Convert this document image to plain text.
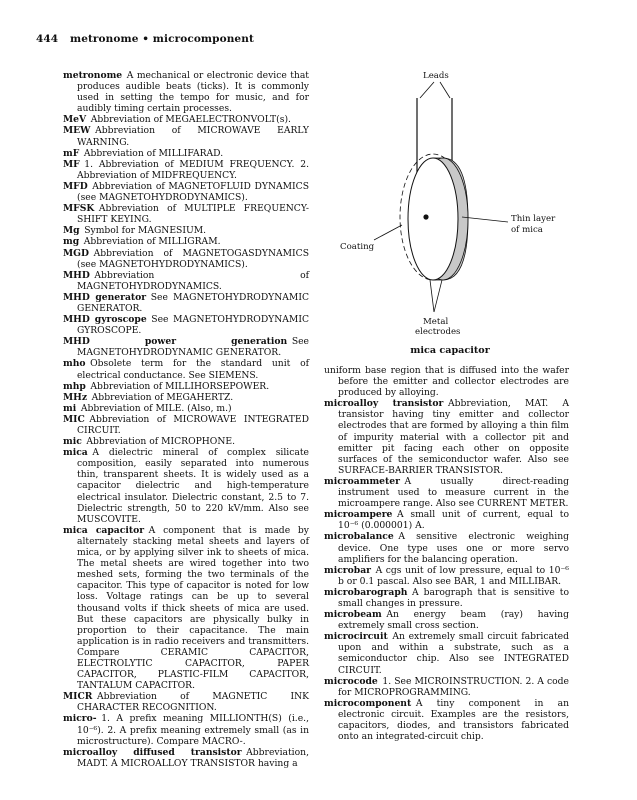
444 metronome • microcomponent
metronome  A mechanical or electronic device that produces audible beats (ticks). It is commonly used in setting the tempo for music, and for audibly timing certain processes.
MeV  Abbreviation of MEGAELECTRONVOLT(s).
MEW  Abbreviation of MICROWAVE EARLY WARNING.
mF  Abbreviation of MILLIFARAD.
MF  1. Abbreviation of MEDIUM FREQUENCY. 2. Abbreviation of MIDFREQUENCY.
MFD  Abbreviation of MAGNETOFLUID DYNAMICS (see MAGNETOHYDRODYNAMICS).
MFSK  Abbreviation of MULTIPLE FREQUENCY-SHIFT KEYING.
Mg  Symbol for MAGNESIUM.
mg  Abbreviation of MILLIGRAM.
MGD  Abbreviation of MAGNETOGASDYNAMICS (see MAGNETOHYDRODYNAMICS).
MHD  Abbreviation of MAGNETOHYDRODYNAMICS.
MHD generator  See MAGNETOHYDRODYNAMIC GENERATOR.
MHD gyroscope  See MAGNETOHYDRODYNAMIC GYROSCOPE.
MHD power generation  See MAGNETOHYDRODYNAMIC GENERATOR.
mho  Obsolete term for the standard unit of electrical conductance. See SIEMENS.
mhp  Abbreviation of MILLIHORSEPOWER.
MHz  Abbreviation of MEGAHERTZ.
mi  Abbreviation of MILE. (Also, m.)
MIC  Abbreviation of MICROWAVE INTEGRATED CIRCUIT.
mic  Abbreviation of MICROPHONE.
mica  A dielectric mineral of complex silicate composition, easily separated into numerous thin, transparent sheets. It is widely used as a capacitor dielectric and high-temperature electrical insulator. Dielectric constant, 2.5 to 7. Dielectric strength, 50 to 220 kV/mm. Also see MUSCOVITE.
mica capacitor  A component that is made by alternately stacking metal sheets and layers of mica, or by applying silver ink to sheets of mica. The metal sheets are wired together into two meshed sets, forming the two terminals of the capacitor. This type of capacitor is noted for low loss. Voltage ratings can be up to several thousand volts if thick sheets of mica are used. But these capacitors are physically bulky in proportion to their capacitance. The main application is in radio receivers and transmitters. Compare CERAMIC CAPACITOR, ELECTROLYTIC CAPACITOR, PAPER CAPACITOR, PLASTIC-FILM CAPACITOR, TANTALUM CAPACITOR.
MICR  Abbreviation of MAGNETIC INK CHARACTER RECOGNITION.
micro-  1. A prefix meaning MILLIONTH(S) (i.e., 10⁻⁶). 2. A prefix meaning extremely small (as in microstructure). Compare MACRO-.
microalloy diffused transistor  Abbreviation, MADT. A MICROALLOY TRANSISTOR having a
Leads
Thin layer
of mica
Coating
Metal
electrodes
mica capacitor
uniform base region that is diffused into the wafer before the emitter and collector electrodes are produced by alloying.
microalloy transistor  Abbreviation, MAT. A transistor having tiny emitter and collector electrodes that are formed by alloying a thin film of impurity material with a collector pit and emitter pit facing each other on opposite surfaces of the semiconductor wafer. Also see SURFACE-BARRIER TRANSISTOR.
microammeter  A usually direct-reading instrument used to measure current in the microampere range. Also see CURRENT METER.
microampere  A small unit of current, equal to 10⁻⁶ (0.000001) A.
microbalance  A sensitive electronic weighing device. One type uses one or more servo amplifiers for the balancing operation.
microbar  A cgs unit of low pressure, equal to 10⁻⁶ b or 0.1 pascal. Also see BAR, 1 and MILLIBAR.
microbarograph  A barograph that is sensitive to small changes in pressure.
microbeam  An energy beam (ray) having extremely small cross section.
microcircuit  An extremely small circuit fabricated upon and within a substrate, such as a semiconductor chip. Also see INTEGRATED CIRCUIT.
microcode  1. See MICROINSTRUCTION. 2. A code for MICROPROGRAMMING.
microcomponent  A tiny component in an electronic circuit. Examples are the resistors, capacitors, diodes, and transistors fabricated onto an integrated-circuit chip.
